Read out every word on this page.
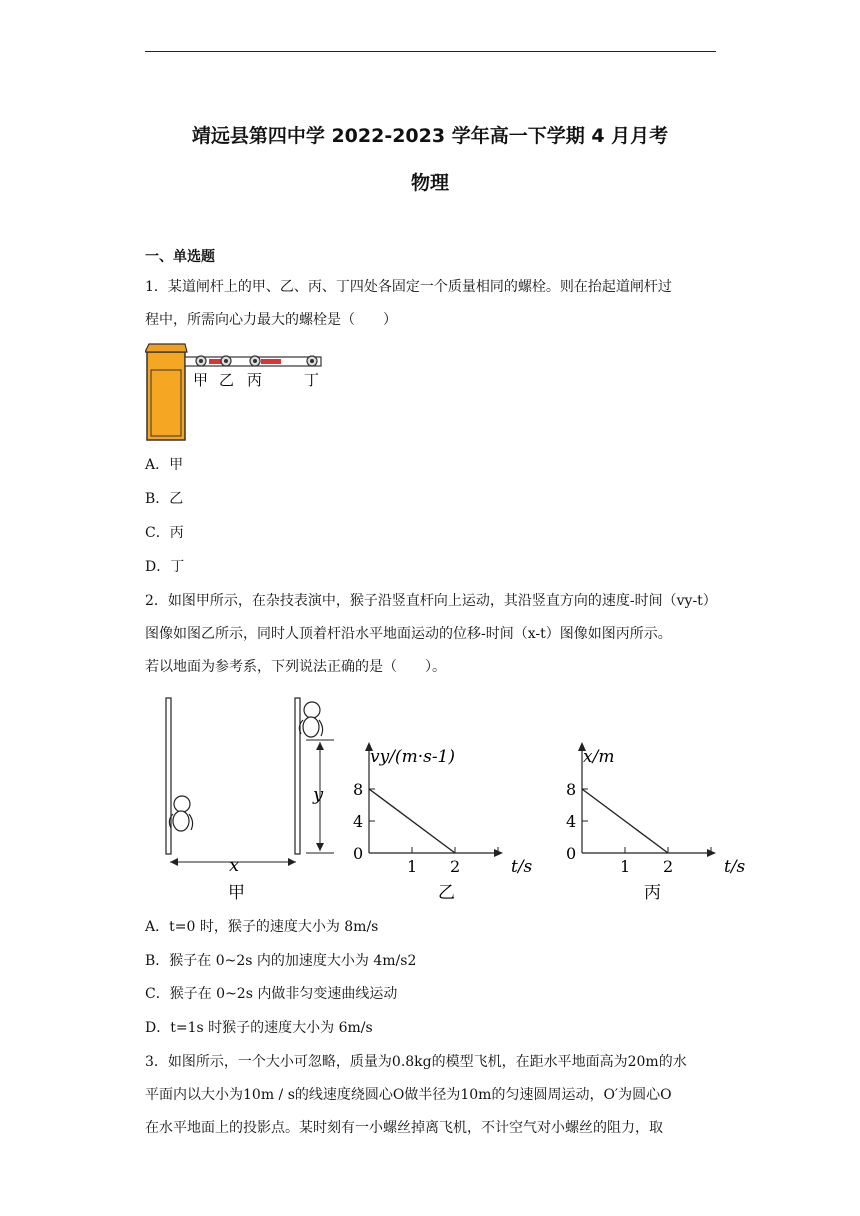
靖远县第四中学 2022-2023 学年高一下学期 4 月月考
物理
一、单选题
1．某道闸杆上的甲、乙、丙、丁四处各固定一个质量相同的螺栓。则在抬起道闸杆过
程中，所需向心力最大的螺栓是（　　）
甲 乙 丙	丁
A．甲
B．乙
C．丙
D．丁
2．如图甲所示，在杂技表演中，猴子沿竖直杆向上运动，其沿竖直方向的速度-时间（vy-t）
图像如图乙所示，同时人顶着杆沿水平地面运动的位移-时间（x-t）图像如图丙所示。
若以地面为参考系，下列说法正确的是（　　）。
y
x
甲
vy/(m·s-1)
t/s
乙
8
4
0
1 2
x/m
t/s
丙
8
4
0
1 2
A．t=0 时，猴子的速度大小为 8m/s
B．猴子在 0~2s 内的加速度大小为 4m/s2
C．猴子在 0~2s 内做非匀变速曲线运动
D．t=1s 时猴子的速度大小为 6m/s
3．如图所示，一个大小可忽略，质量为0.8kg的模型飞机，在距水平地面高为20m的水
平面内以大小为10m / s的线速度绕圆心O做半径为10m的匀速圆周运动，O′为圆心O
在水平地面上的投影点。某时刻有一小螺丝掉离飞机，不计空气对小螺丝的阻力，取
